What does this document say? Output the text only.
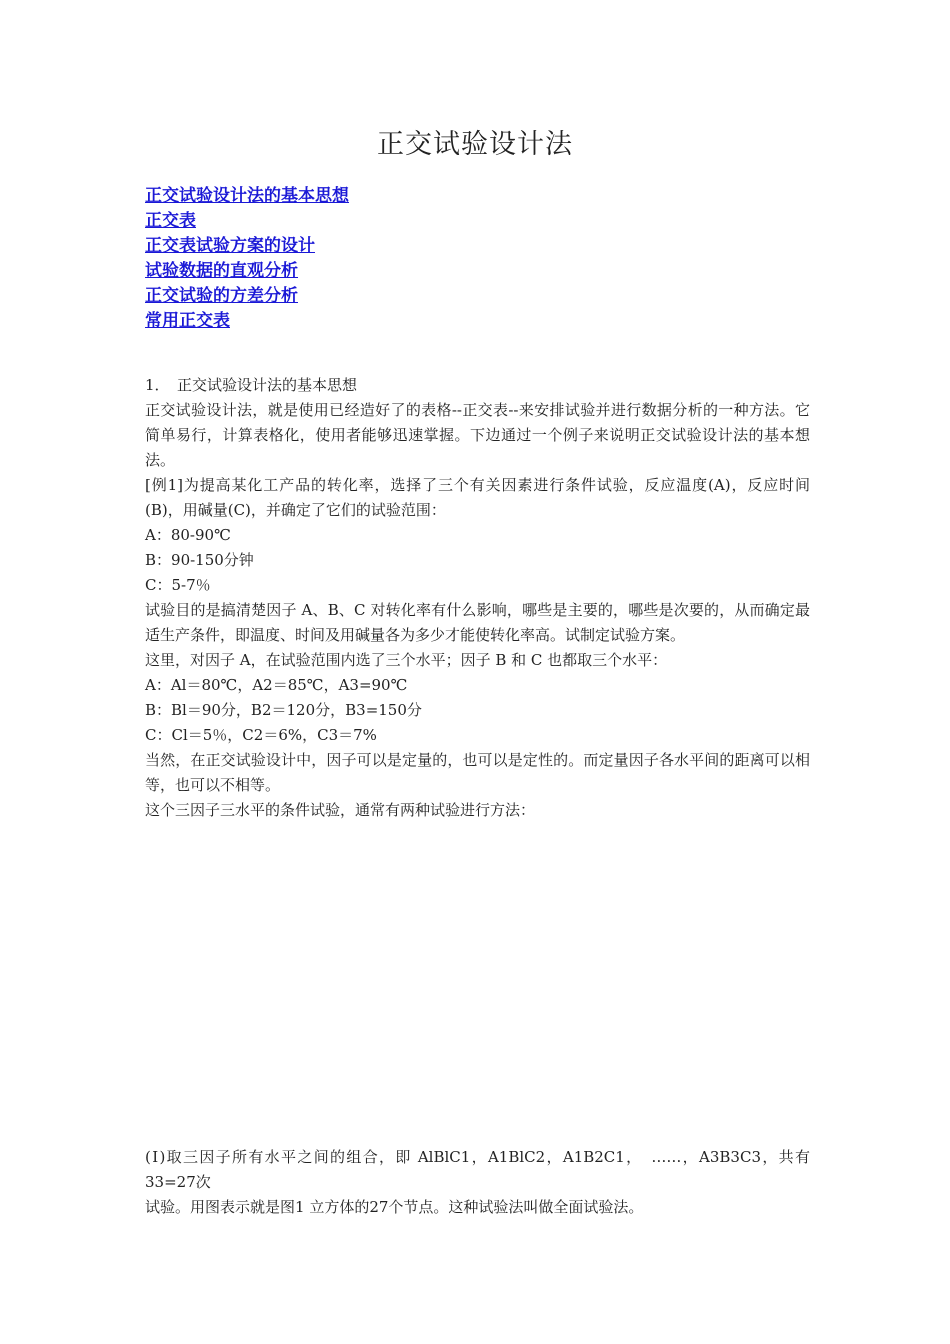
正交试验设计法
正交试验设计法的基本思想
正交表
正交表试验方案的设计
试验数据的直观分析
正交试验的方差分析
常用正交表

1．　正交试验设计法的基本思想

正交试验设计法，就是使用已经造好了的表格--正交表--来安排试验并进行数据分析的一种方法。它简单易行，计算表格化，使用者能够迅速掌握。下边通过一个例子来说明正交试验设计法的基本想法。

[例1]为提高某化工产品的转化率，选择了三个有关因素进行条件试验，反应温度(A)，反应时间(B)，用碱量(C)，并确定了它们的试验范围：

A：80-90℃

B：90-150分钟

C：5-7％

试验目的是搞清楚因子 A、B、C 对转化率有什么影响，哪些是主要的，哪些是次要的，从而确定最适生产条件，即温度、时间及用碱量各为多少才能使转化率高。试制定试验方案。

这里，对因子 A，在试验范围内选了三个水平；因子 B 和 C 也都取三个水平：

A：Al＝80℃，A2＝85℃，A3=90℃

B：Bl＝90分，B2＝120分，B3=150分

C：Cl＝5％，C2＝6%，C3＝7%

当然，在正交试验设计中，因子可以是定量的，也可以是定性的。而定量因子各水平间的距离可以相等，也可以不相等。

这个三因子三水平的条件试验，通常有两种试验进行方法：

(Ⅰ)取三因子所有水平之间的组合，即 AlBlC1，A1BlC2，A1B2C1，　……，A3B3C3，共有33=27次

试验。用图表示就是图1 立方体的27个节点。这种试验法叫做全面试验法。
